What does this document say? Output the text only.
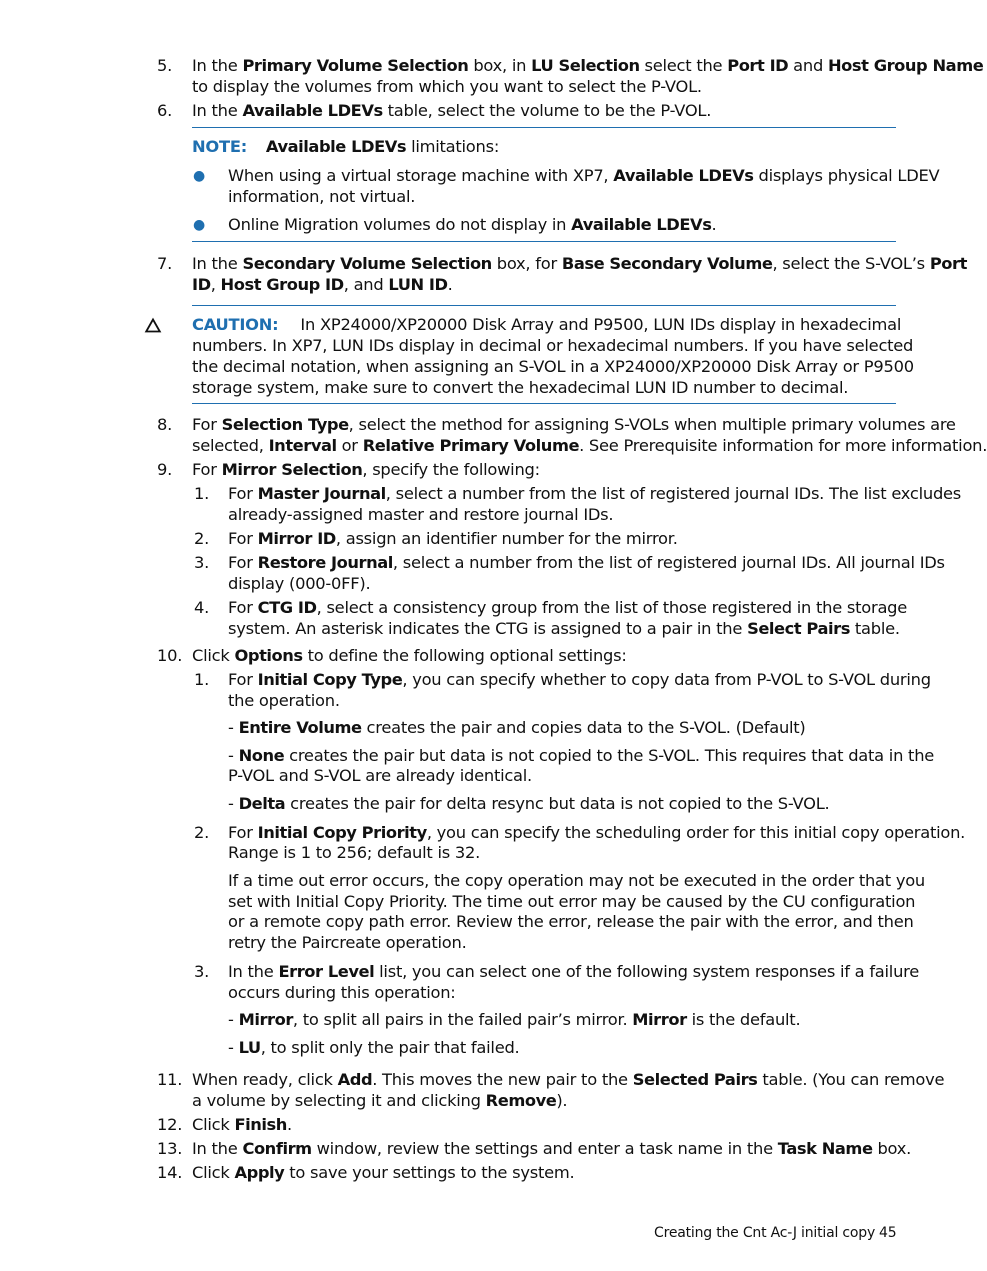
5. In the Primary Volume Selection box, in LU Selection select the Port ID and Host Group Name
to display the volumes from which you want to select the P-VOL.
6. In the Available LDEVs table, select the volume to be the P-VOL.
NOTE: Available LDEVs limitations:
● When using a virtual storage machine with XP7, Available LDEVs displays physical LDEV
information, not virtual.
● Online Migration volumes do not display in Available LDEVs.
7. In the Secondary Volume Selection box, for Base Secondary Volume, select the S-VOL’s Port
ID, Host Group ID, and LUN ID.
CAUTION: In XP24000/XP20000 Disk Array and P9500, LUN IDs display in hexadecimal
numbers. In XP7, LUN IDs display in decimal or hexadecimal numbers. If you have selected
the decimal notation, when assigning an S-VOL in a XP24000/XP20000 Disk Array or P9500
storage system, make sure to convert the hexadecimal LUN ID number to decimal.
8. For Selection Type, select the method for assigning S-VOLs when multiple primary volumes are
selected, Interval or Relative Primary Volume. See Prerequisite information for more information.
9. For Mirror Selection, specify the following:
1. For Master Journal, select a number from the list of registered journal IDs. The list excludes
already-assigned master and restore journal IDs.
2. For Mirror ID, assign an identifier number for the mirror.
3. For Restore Journal, select a number from the list of registered journal IDs. All journal IDs
display (000-0FF).
4. For CTG ID, select a consistency group from the list of those registered in the storage
system. An asterisk indicates the CTG is assigned to a pair in the Select Pairs table.
10. Click Options to define the following optional settings:
1. For Initial Copy Type, you can specify whether to copy data from P-VOL to S-VOL during
the operation.
- Entire Volume creates the pair and copies data to the S-VOL. (Default)
- None creates the pair but data is not copied to the S-VOL. This requires that data in the
P-VOL and S-VOL are already identical.
- Delta creates the pair for delta resync but data is not copied to the S-VOL.
2. For Initial Copy Priority, you can specify the scheduling order for this initial copy operation.
Range is 1 to 256; default is 32.
If a time out error occurs, the copy operation may not be executed in the order that you
set with Initial Copy Priority. The time out error may be caused by the CU configuration
or a remote copy path error. Review the error, release the pair with the error, and then
retry the Paircreate operation.
3. In the Error Level list, you can select one of the following system responses if a failure
occurs during this operation:
- Mirror, to split all pairs in the failed pair’s mirror. Mirror is the default.
- LU, to split only the pair that failed.
11. When ready, click Add. This moves the new pair to the Selected Pairs table. (You can remove
a volume by selecting it and clicking Remove).
12. Click Finish.
13. In the Confirm window, review the settings and enter a task name in the Task Name box.
14. Click Apply to save your settings to the system.
Creating the Cnt Ac-J initial copy 45
